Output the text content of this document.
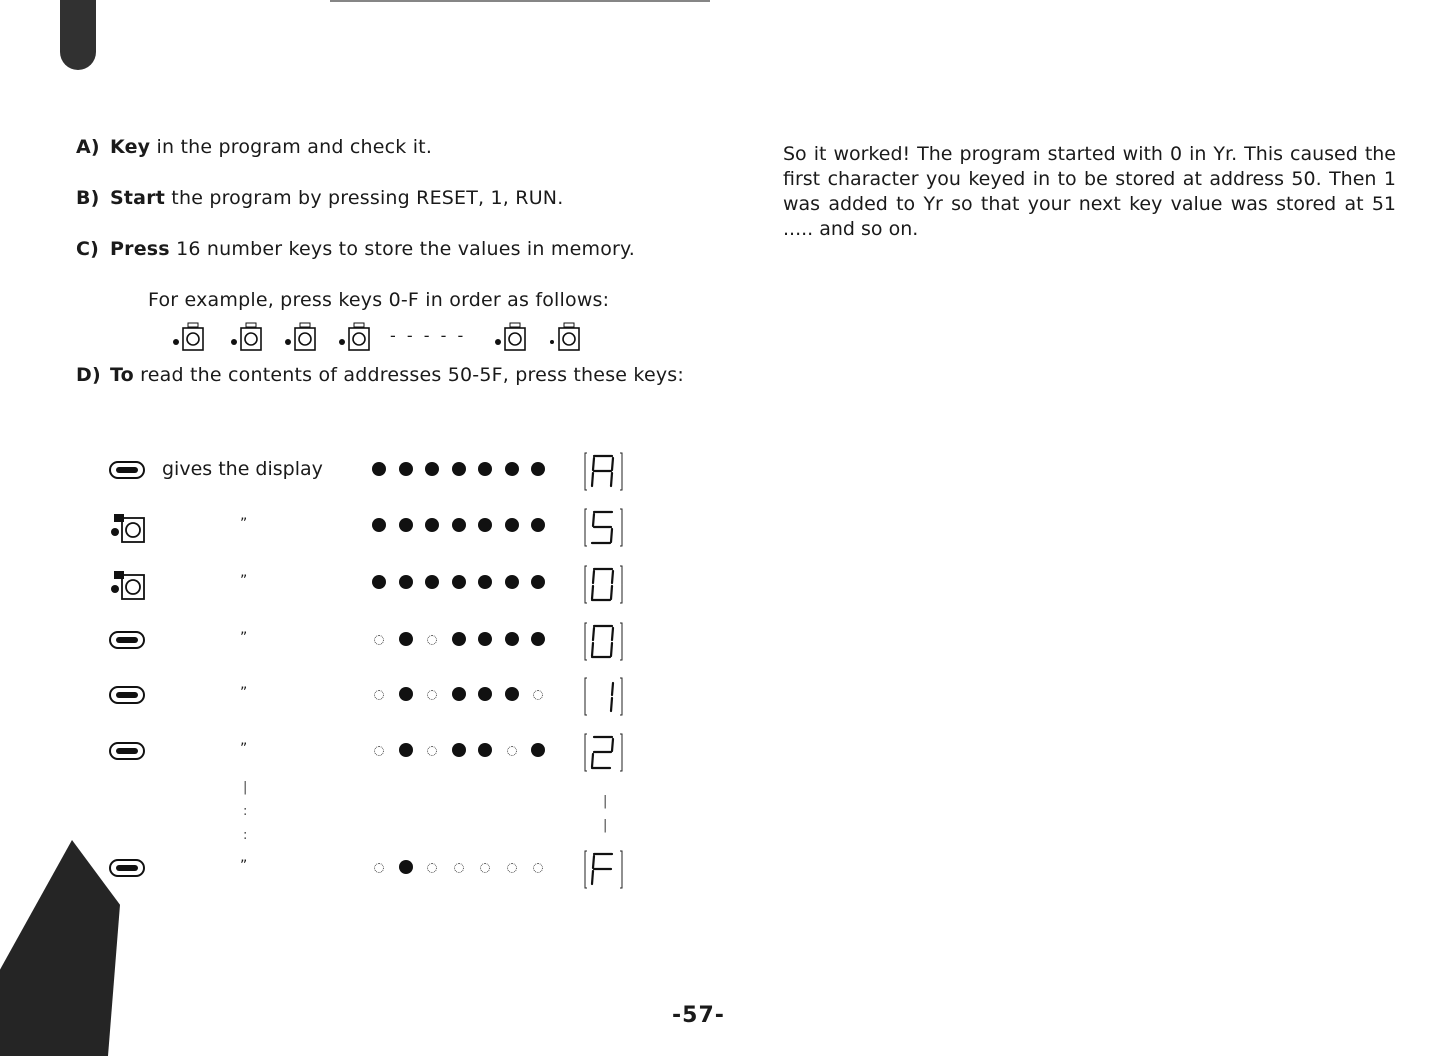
A) Key in the program and check it.
B) Start the program by pressing RESET, 1, RUN.
C) Press 16 number keys to store the values in memory.
For example, press keys 0-F in order as follows:
- - - - -
D) To read the contents of addresses 50-5F, press these keys:
gives the display
A
”
5
”
0
”
0
”
1
”
2
”
F
|
:
:
|
|
So it worked! The program started with 0 in Yr. This caused the first character you keyed in to be stored at address 50. Then 1 was added to Yr so that your next key value was stored at 51 ..... and so on.
-57-
